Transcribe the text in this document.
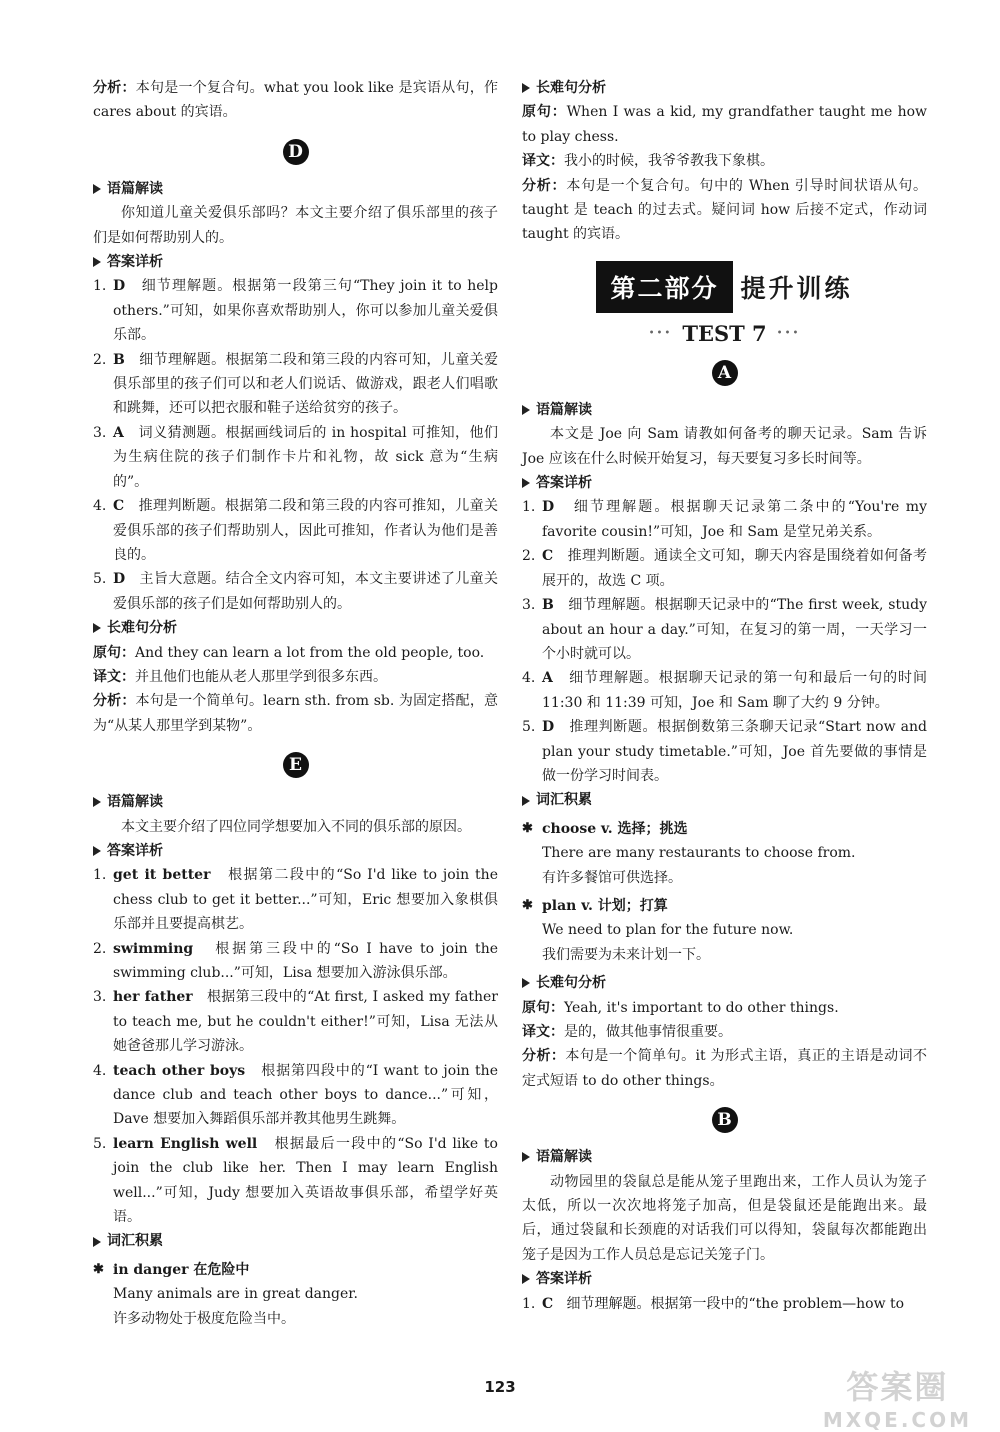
分析：本句是一个复合句。what you look like 是宾语从句，作 cares about 的宾语。

D
语篇解读

你知道儿童关爱俱乐部吗？本文主要介绍了俱乐部里的孩子们是如何帮助别人的。

答案详析
1. D 细节理解题。根据第一段第三句“They join it to help others.”可知，如果你喜欢帮助别人，你可以参加儿童关爱俱乐部。
2. B 细节理解题。根据第二段和第三段的内容可知，儿童关爱俱乐部里的孩子们可以和老人们说话、做游戏，跟老人们唱歌和跳舞，还可以把衣服和鞋子送给贫穷的孩子。
3. A 词义猜测题。根据画线词后的 in hospital 可推知，他们为生病住院的孩子们制作卡片和礼物，故 sick 意为“生病的”。
4. C 推理判断题。根据第二段和第三段的内容可推知，儿童关爱俱乐部的孩子们帮助别人，因此可推知，作者认为他们是善良的。
5. D 主旨大意题。结合全文内容可知，本文主要讲述了儿童关爱俱乐部的孩子们是如何帮助别人的。
长难句分析

原句：And they can learn a lot from the old people, too.

译文：并且他们也能从老人那里学到很多东西。

分析：本句是一个简单句。learn sth. from sb. 为固定搭配，意为“从某人那里学到某物”。

E
语篇解读

本文主要介绍了四位同学想要加入不同的俱乐部的原因。

答案详析
1. get it better 根据第二段中的“So I'd like to join the chess club to get it better...”可知，Eric 想要加入象棋俱乐部并且要提高棋艺。
2. swimming 根据第三段中的“So I have to join the swimming club...”可知，Lisa 想要加入游泳俱乐部。
3. her father 根据第三段中的“At first, I asked my father to teach me, but he couldn't either!”可知，Lisa 无法从她爸爸那儿学习游泳。
4. teach other boys 根据第四段中的“I want to join the dance club and teach other boys to dance...”可知，Dave 想要加入舞蹈俱乐部并教其他男生跳舞。
5. learn English well 根据最后一段中的“So I'd like to join the club like her. Then I may learn English well...”可知，Judy 想要加入英语故事俱乐部，希望学好英语。
词汇积累
✱ in danger 在危险中
Many animals are in great danger.
许多动物处于极度危险当中。
长难句分析

原句：When I was a kid, my grandfather taught me how to play chess.

译文：我小的时候，我爷爷教我下象棋。

分析：本句是一个复合句。句中的 When 引导时间状语从句。taught 是 teach 的过去式。疑问词 how 后接不定式，作动词 taught 的宾语。

第二部分 提升训练
••• TEST 7 •••
A
语篇解读

本文是 Joe 向 Sam 请教如何备考的聊天记录。Sam 告诉 Joe 应该在什么时候开始复习，每天要复习多长时间等。

答案详析
1. D 细节理解题。根据聊天记录第二条中的“You're my favorite cousin!”可知，Joe 和 Sam 是堂兄弟关系。
2. C 推理判断题。通读全文可知，聊天内容是围绕着如何备考展开的，故选 C 项。
3. B 细节理解题。根据聊天记录中的“The first week, study about an hour a day.”可知，在复习的第一周，一天学习一个小时就可以。
4. A 细节理解题。根据聊天记录的第一句和最后一句的时间 11:30 和 11:39 可知，Joe 和 Sam 聊了大约 9 分钟。
5. D 推理判断题。根据倒数第三条聊天记录“Start now and plan your study timetable.”可知，Joe 首先要做的事情是做一份学习时间表。
词汇积累
✱ choose v. 选择；挑选
There are many restaurants to choose from.
有许多餐馆可供选择。
✱ plan v. 计划；打算
We need to plan for the future now.
我们需要为未来计划一下。
长难句分析

原句：Yeah, it's important to do other things.

译文：是的，做其他事情很重要。

分析：本句是一个简单句。it 为形式主语，真正的主语是动词不定式短语 to do other things。

B
语篇解读

动物园里的袋鼠总是能从笼子里跑出来，工作人员认为笼子太低，所以一次次地将笼子加高，但是袋鼠还是能跑出来。最后，通过袋鼠和长颈鹿的对话我们可以得知，袋鼠每次都能跑出笼子是因为工作人员总是忘记关笼子门。

答案详析
1. C 细节理解题。根据第一段中的“the problem—how to
123	答案圈
MXQE.COM
